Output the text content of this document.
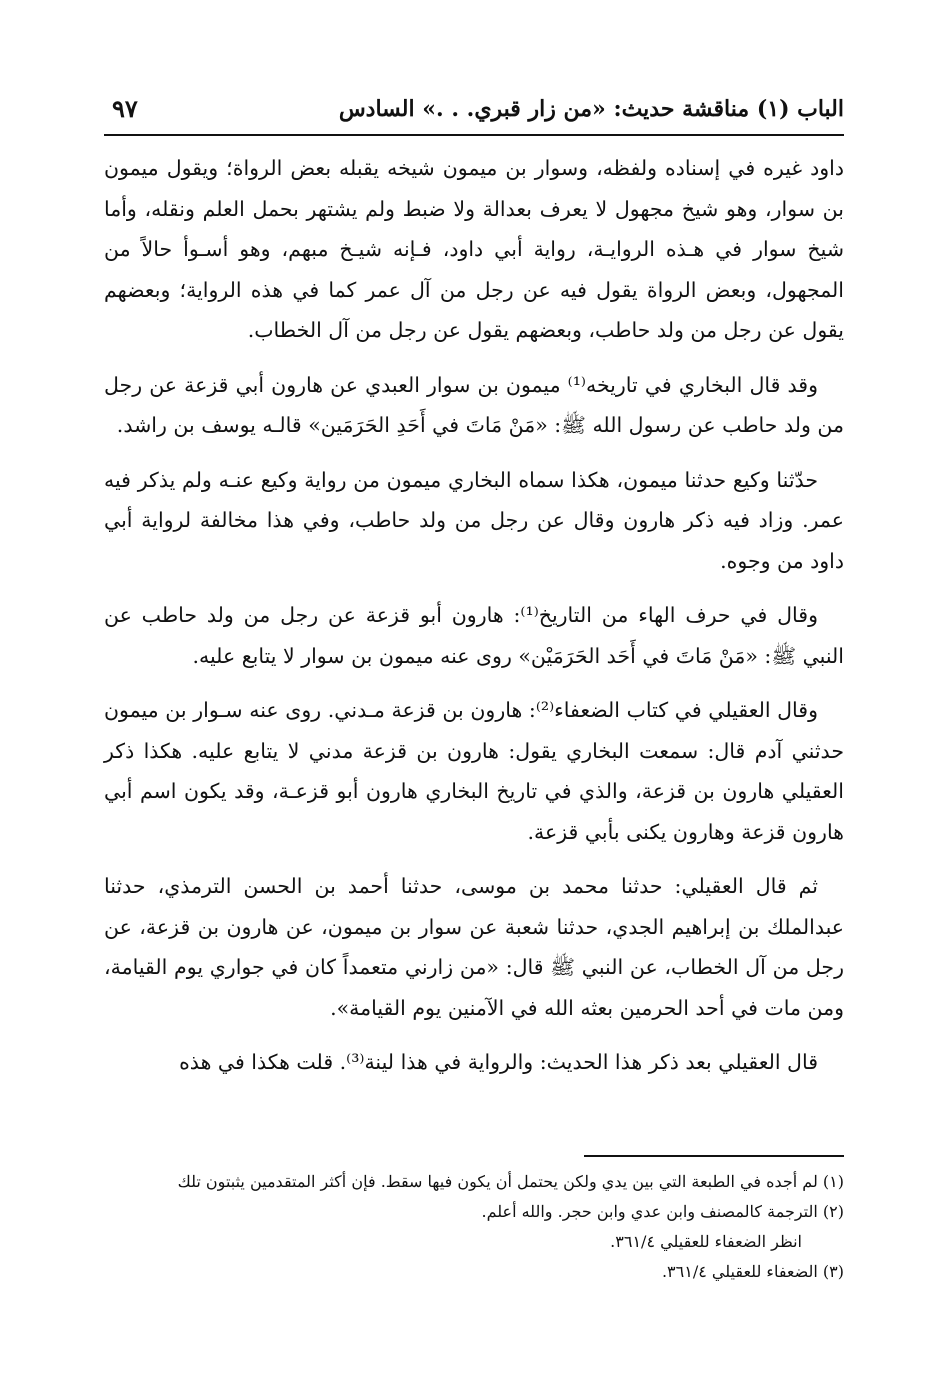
الباب (١) مناقشة حديث: «من زار قبري. . .» السادس
٩٧

داود غيره في إسناده ولفظه، وسوار بن ميمون شيخه يقبله بعض الرواة؛ ويقول ميمون بن سوار، وهو شيخ مجهول لا يعرف بعدالة ولا ضبط ولم يشتهر بحمل العلم ونقله، وأما شيخ سوار في هـذه الروايـة، رواية أبي داود، فـإنه شيـخ مبهم، وهو أسـوأ حالاً من المجهول، وبعض الرواة يقول فيه عن رجل من آل عمر كما في هذه الرواية؛ وبعضهم يقول عن رجل من ولد حاطب، وبعضهم يقول عن رجل من آل الخطاب.

وقد قال البخاري في تاريخه⁽¹⁾ ميمون بن سوار العبدي عن هارون أبي قزعة عن رجل من ولد حاطب عن رسول الله ﷺ: «مَنْ مَاتَ في أَحَدِ الحَرَمَين» قالـه يوسف بن راشد.

حدّثنا وكيع حدثنا ميمون، هكذا سماه البخاري ميمون من رواية وكيع عنـه ولم يذكر فيه عمر. وزاد فيه ذكر هارون وقال عن رجل من ولد حاطب، وفي هذا مخالفة لرواية أبي داود من وجوه.

وقال في حرف الهاء من التاريخ⁽¹⁾: هارون أبو قزعة عن رجل من ولد حاطب عن النبي ﷺ: «مَنْ مَاتَ في أَحَد الحَرَمَيْن» روى عنه ميمون بن سوار لا يتابع عليه.

وقال العقيلي في كتاب الضعفاء⁽²⁾: هارون بن قزعة مـدني. روى عنه سـوار بن ميمون حدثني آدم قال: سمعت البخاري يقول: هارون بن قزعة مدني لا يتابع عليه. هكذا ذكر العقيلي هارون بن قزعة، والذي في تاريخ البخاري هارون أبو قزعـة، وقد يكون اسم أبي هارون قزعة وهارون يكنى بأبي قزعة.

ثم قال العقيلي: حدثنا محمد بن موسى، حدثنا أحمد بن الحسن الترمذي، حدثنا عبدالملك بن إبراهيم الجدي، حدثنا شعبة عن سوار بن ميمون، عن هارون بن قزعة، عن رجل من آل الخطاب، عن النبي ﷺ قال: «من زارني متعمداً كان في جواري يوم القيامة، ومن مات في أحد الحرمين بعثه الله في الآمنين يوم القيامة».

قال العقيلي بعد ذكر هذا الحديث: والرواية في هذا لينة⁽³⁾. قلت هكذا في هذه

(١) لم أجده في الطبعة التي بين يدي ولكن يحتمل أن يكون فيها سقط. فإن أكثر المتقدمين يثبتون تلك

(٢) الترجمة كالمصنف وابن عدي وابن حجر. والله أعلم.

انظر الضعفاء للعقيلي ٣٦١/٤.

(٣) الضعفاء للعقيلي ٣٦١/٤.
